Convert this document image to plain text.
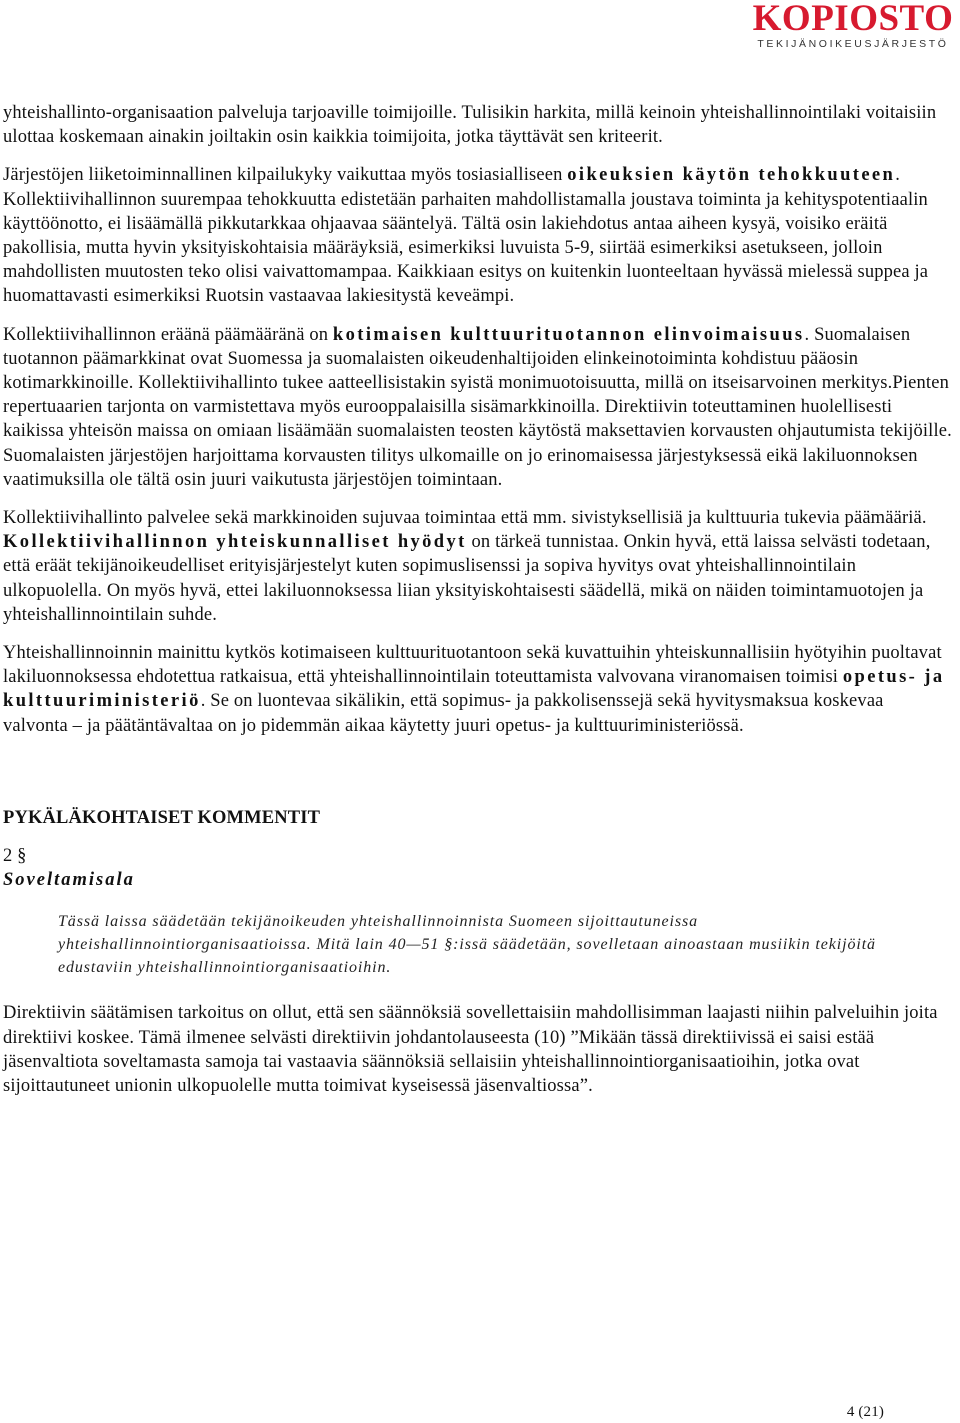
KOPIOSTO
TEKIJÄNOIKEUSJÄRJESTÖ

yhteishallinto-organisaation palveluja tarjoaville toimijoille. Tulisikin harkita, millä keinoin yhteishallinnointilaki voitaisiin ulottaa koskemaan ainakin joiltakin osin kaikkia toimijoita, jotka täyttävät sen kriteerit.

Järjestöjen liiketoiminnallinen kilpailukyky vaikuttaa myös tosiasialliseen oikeuksien käytön tehokkuuteen. Kollektiivihallinnon suurempaa tehokkuutta edistetään parhaiten mahdollistamalla joustava toiminta ja kehityspotentiaalin käyttöönotto, ei lisäämällä pikkutarkkaa ohjaavaa sääntelyä. Tältä osin lakiehdotus antaa aiheen kysyä, voisiko eräitä pakollisia, mutta hyvin yksityiskohtaisia määräyksiä, esimerkiksi luvuista 5-9, siirtää esimerkiksi asetukseen, jolloin mahdollisten muutosten teko olisi vaivattomampaa. Kaikkiaan esitys on kuitenkin luonteeltaan hyvässä mielessä suppea ja huomattavasti esimerkiksi Ruotsin vastaavaa lakiesitystä keveämpi.

Kollektiivihallinnon eräänä päämääränä on kotimaisen kulttuurituotannon elinvoimaisuus. Suomalaisen tuotannon päämarkkinat ovat Suomessa ja suomalaisten oikeudenhaltijoiden elinkeinotoiminta kohdistuu pääosin kotimarkkinoille. Kollektiivihallinto tukee aatteellisistakin syistä monimuotoisuutta, millä on itseisarvoinen merkitys.Pienten repertuaarien tarjonta on varmistettava myös eurooppalaisilla sisämarkkinoilla. Direktiivin toteuttaminen huolellisesti kaikissa yhteisön maissa on omiaan lisäämään suomalaisten teosten käytöstä maksettavien korvausten ohjautumista tekijöille. Suomalaisten järjestöjen harjoittama korvausten tilitys ulkomaille on jo erinomaisessa järjestyksessä eikä lakiluonnoksen vaatimuksilla ole tältä osin juuri vaikutusta järjestöjen toimintaan.

Kollektiivihallinto palvelee sekä markkinoiden sujuvaa toimintaa että mm. sivistyksellisiä ja kulttuuria tukevia päämääriä. Kollektiivihallinnon yhteiskunnalliset hyödyt on tärkeä tunnistaa. Onkin hyvä, että laissa selvästi todetaan, että eräät tekijänoikeudelliset erityisjärjestelyt kuten sopimuslisenssi ja sopiva hyvitys ovat yhteishallinnointilain ulkopuolella. On myös hyvä, ettei lakiluonnoksessa liian yksityiskohtaisesti säädellä, mikä on näiden toimintamuotojen ja yhteishallinnointilain suhde.

Yhteishallinnoinnin mainittu kytkös kotimaiseen kulttuurituotantoon sekä kuvattuihin yhteiskunnallisiin hyötyihin puoltavat lakiluonnoksessa ehdotettua ratkaisua, että yhteishallinnointilain toteuttamista valvovana viranomaisen toimisi opetus- ja kulttuuriministeriö. Se on luontevaa sikälikin, että sopimus- ja pakkolisenssejä sekä hyvitysmaksua koskevaa valvonta – ja päätäntävaltaa on jo pidemmän aikaa käytetty juuri opetus- ja kulttuuriministeriössä.

PYKÄLÄKOHTAISET KOMMENTIT

2 §

Soveltamisala

Tässä laissa säädetään tekijänoikeuden yhteishallinnoinnista Suomeen sijoittautuneissa yhteishallinnointiorganisaatioissa. Mitä lain 40—51 §:issä säädetään, sovelletaan ainoastaan musiikin tekijöitä edustaviin yhteishallinnointiorganisaatioihin.

Direktiivin säätämisen tarkoitus on ollut, että sen säännöksiä sovellettaisiin mahdollisimman laajasti niihin palveluihin joita direktiivi koskee. Tämä ilmenee selvästi direktiivin johdantolauseesta (10) ”Mikään tässä direktiivissä ei saisi estää jäsenvaltiota soveltamasta samoja tai vastaavia säännöksiä sellaisiin yhteishallinnointiorganisaatioihin, jotka ovat sijoittautuneet unionin ulkopuolelle mutta toimivat kyseisessä jäsenvaltiossa”.

4 (21)
